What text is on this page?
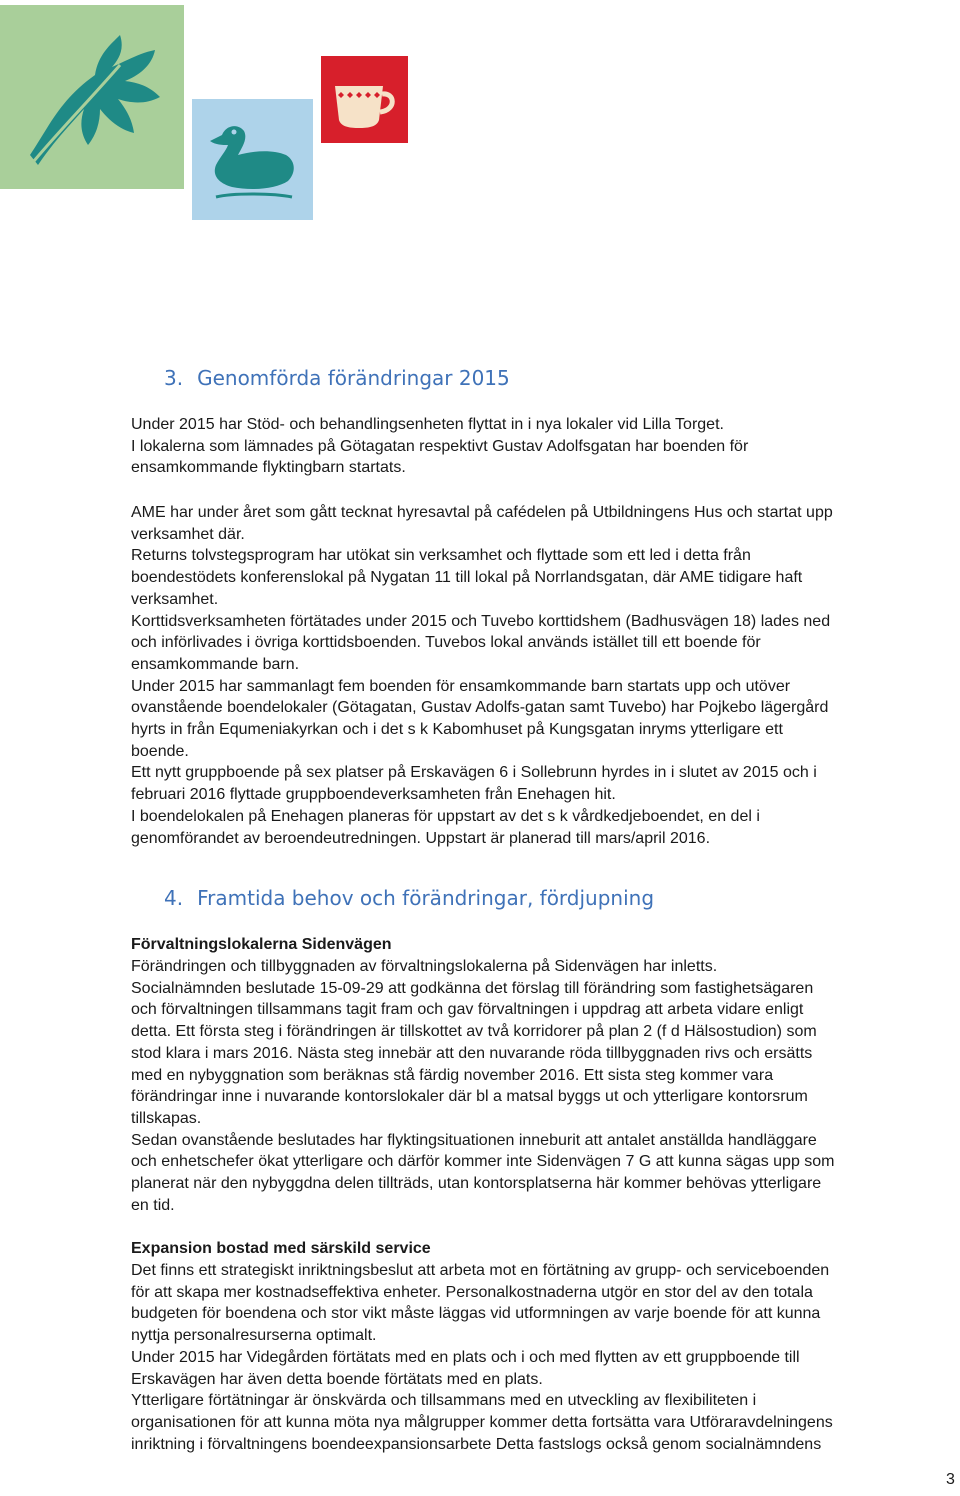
3. Genomförda förändringar 2015

Under 2015 har Stöd- och behandlingsenheten flyttat in i nya lokaler vid Lilla Torget.
I lokalerna som lämnades på Götagatan respektivt Gustav Adolfsgatan har boenden för
ensamkommande flyktingbarn startats.

AME har under året som gått tecknat hyresavtal på cafédelen på Utbildningens Hus och startat upp
verksamhet där.
Returns tolvstegsprogram har utökat sin verksamhet och flyttade som ett led i detta från
boendestödets konferenslokal på Nygatan 11 till lokal på Norrlandsgatan, där AME tidigare haft
verksamhet.
Korttidsverksamheten förtätades under 2015 och Tuvebo korttidshem (Badhusvägen 18) lades ned
och införlivades i övriga korttidsboenden. Tuvebos lokal används istället till ett boende för
ensamkommande barn.
Under 2015 har sammanlagt fem boenden för ensamkommande barn startats upp och utöver
ovanstående boendelokaler (Götagatan, Gustav Adolfs-gatan samt Tuvebo) har Pojkebo lägergård
hyrts in från Equmeniakyrkan och i det s k Kabomhuset på Kungsgatan inryms ytterligare ett
boende.
Ett nytt gruppboende på sex platser på Erskavägen 6 i Sollebrunn hyrdes in i slutet av 2015 och i
februari 2016 flyttade gruppboendeverksamheten från Enehagen hit.
I boendelokalen på Enehagen planeras för uppstart av det s k vårdkedjeboendet, en del i
genomförandet av beroendeutredningen. Uppstart är planerad till mars/april 2016.

4. Framtida behov och förändringar, fördjupning

Förvaltningslokalerna Sidenvägen

Förändringen och tillbyggnaden av förvaltningslokalerna på Sidenvägen har inletts.
Socialnämnden beslutade 15-09-29 att godkänna det förslag till förändring som fastighetsägaren
och förvaltningen tillsammans tagit fram och gav förvaltningen i uppdrag att arbeta vidare enligt
detta. Ett första steg i förändringen är tillskottet av två korridorer på plan 2 (f d Hälsostudion) som
stod klara i mars 2016. Nästa steg innebär att den nuvarande röda tillbyggnaden rivs och ersätts
med en nybyggnation som beräknas stå färdig november 2016. Ett sista steg kommer vara
förändringar inne i nuvarande kontorslokaler där bl a matsal byggs ut och ytterligare kontorsrum
tillskapas.
Sedan ovanstående beslutades har flyktingsituationen inneburit att antalet anställda handläggare
och enhetschefer ökat ytterligare och därför kommer inte Sidenvägen 7 G att kunna sägas upp som
planerat när den nybyggdna delen tillträds, utan kontorsplatserna här kommer behövas ytterligare
en tid.

Expansion bostad med särskild service

Det finns ett strategiskt inriktningsbeslut att arbeta mot en förtätning av grupp- och serviceboenden
för att skapa mer kostnadseffektiva enheter. Personalkostnaderna utgör en stor del av den totala
budgeten för boendena och stor vikt måste läggas vid utformningen av varje boende för att kunna
nyttja personalresurserna optimalt.
Under 2015 har Videgården förtätats med en plats och i och med flytten av ett gruppboende till
Erskavägen har även detta boende förtätats med en plats.
Ytterligare förtätningar är önskvärda och tillsammans med en utveckling av flexibiliteten i
organisationen för att kunna möta nya målgrupper kommer detta fortsätta vara Utföraravdelningens
inriktning i förvaltningens boendeexpansionsarbete Detta fastslogs också genom socialnämndens

3
